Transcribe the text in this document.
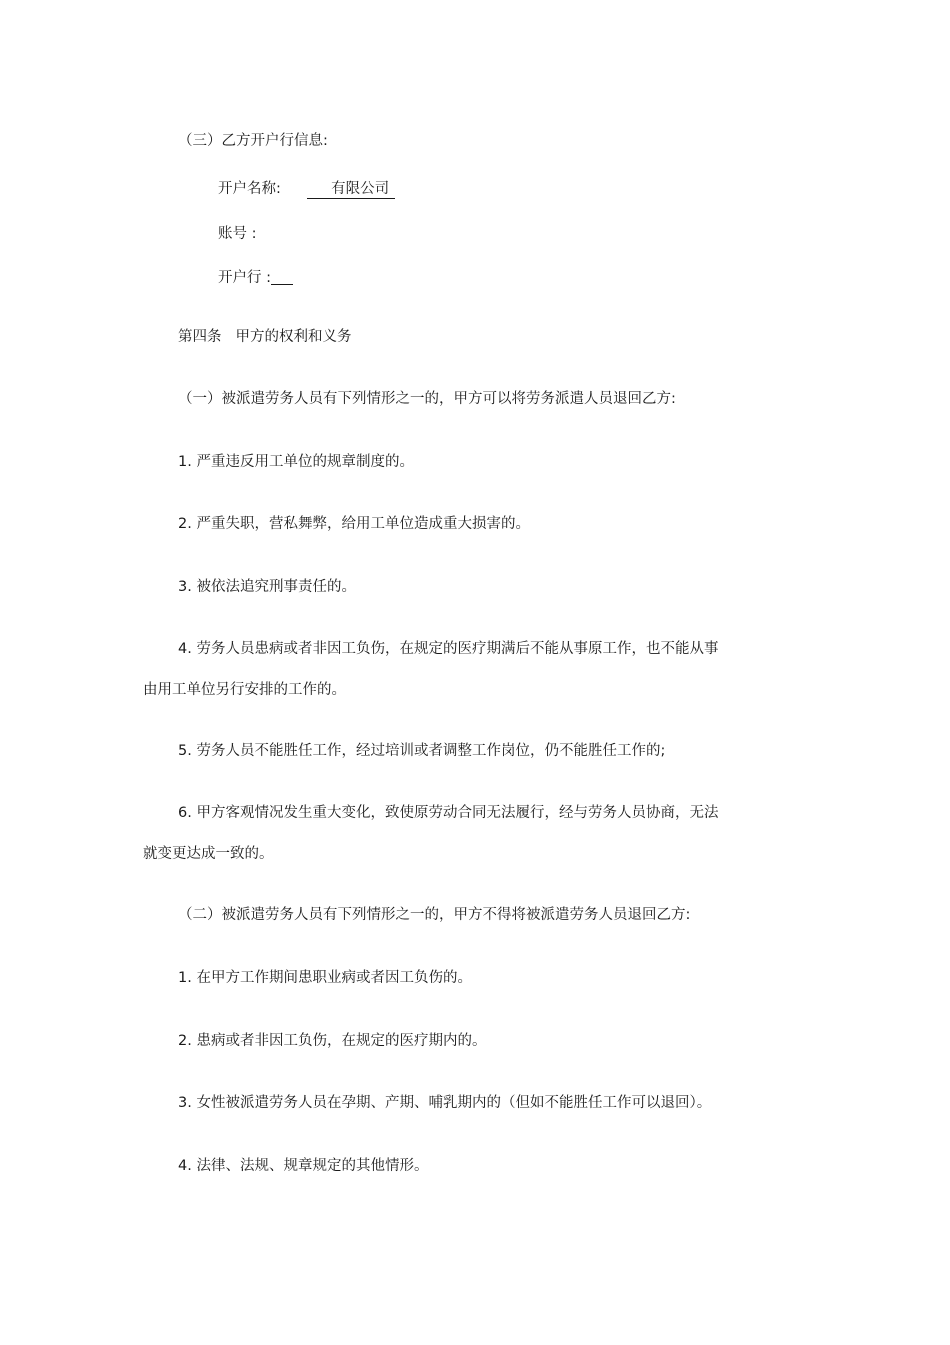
（三）乙方开户行信息:
开户名称:	有限公司
账号 :
开户行 :
第四条 甲方的权利和义务
（一）被派遣劳务人员有下列情形之一的，甲方可以将劳务派遣人员退回乙方:
1. 严重违反用工单位的规章制度的。
2. 严重失职，营私舞弊，给用工单位造成重大损害的。
3. 被依法追究刑事责任的。
4. 劳务人员患病或者非因工负伤，在规定的医疗期满后不能从事原工作，也不能从事
由用工单位另行安排的工作的。
5. 劳务人员不能胜任工作，经过培训或者调整工作岗位，仍不能胜任工作的;
6. 甲方客观情况发生重大变化，致使原劳动合同无法履行，经与劳务人员协商，无法
就变更达成一致的。
（二）被派遣劳务人员有下列情形之一的，甲方不得将被派遣劳务人员退回乙方:
1. 在甲方工作期间患职业病或者因工负伤的。
2. 患病或者非因工负伤，在规定的医疗期内的。
3. 女性被派遣劳务人员在孕期、产期、哺乳期内的（但如不能胜任工作可以退回）。
4. 法律、法规、规章规定的其他情形。
